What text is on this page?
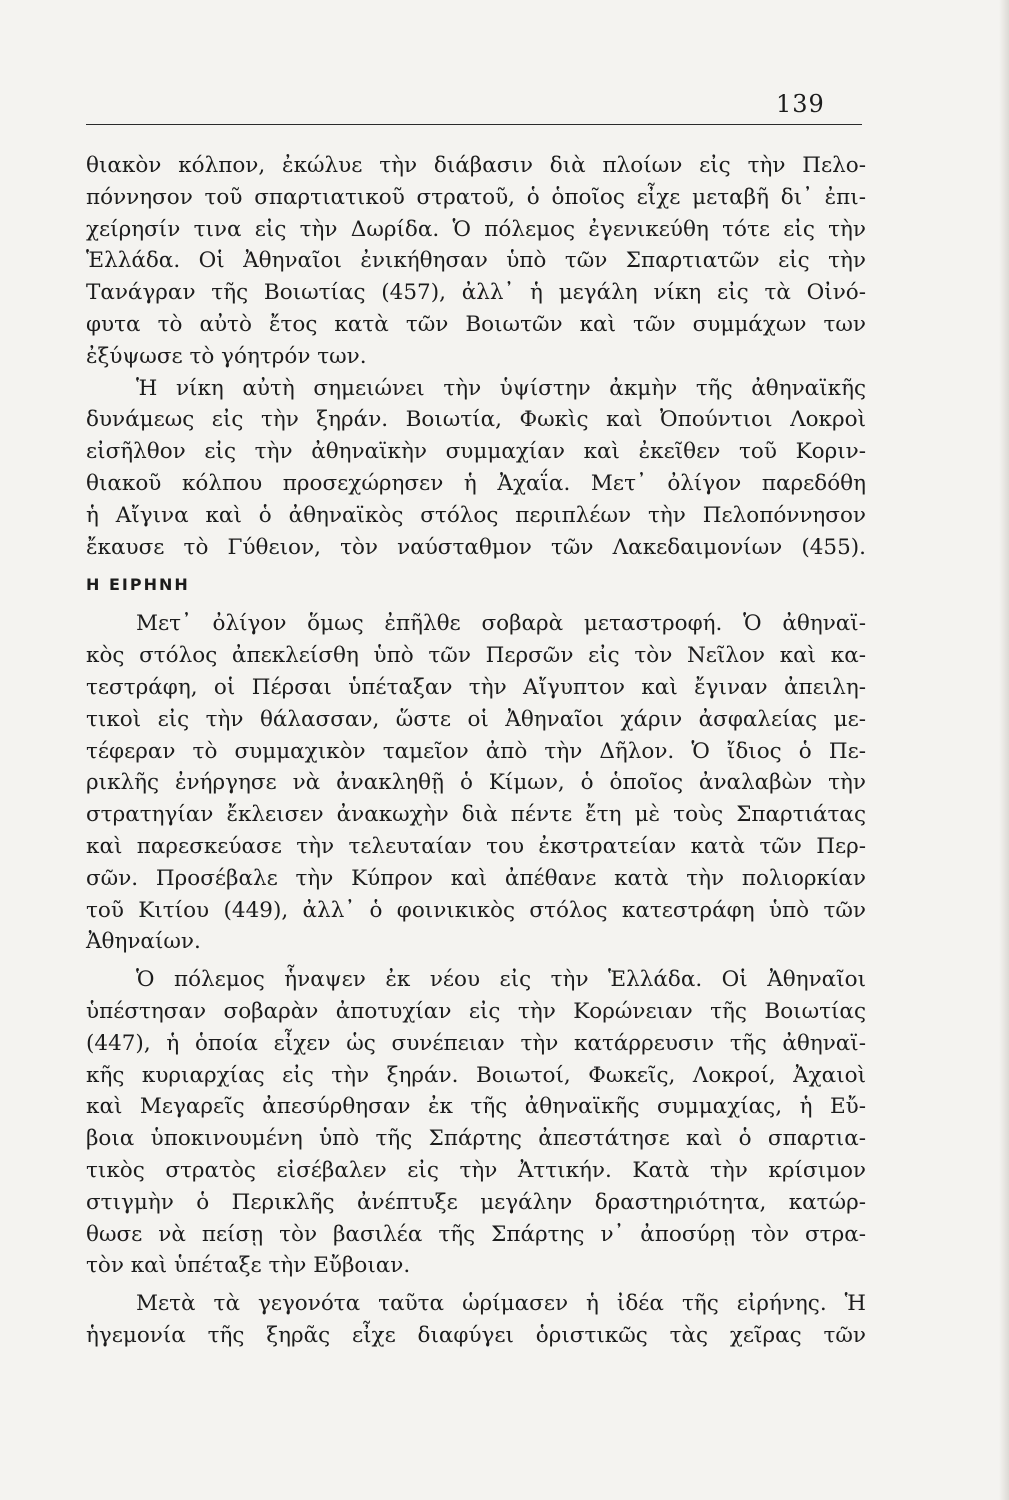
139
θιακὸν κόλπον, ἐκώλυε τὴν διάβασιν διὰ πλοίων εἰς τὴν Πελο-
πόννησον τοῦ σπαρτιατικοῦ στρατοῦ, ὁ ὁποῖος εἶχε μεταβῆ δι᾽ ἐπι-
χείρησίν τινα εἰς τὴν Δωρίδα. Ὁ πόλεμος ἐγενικεύθη τότε εἰς τὴν
Ἑλλάδα. Οἱ Ἀθηναῖοι ἐνικήθησαν ὑπὸ τῶν Σπαρτιατῶν εἰς τὴν
Τανάγραν τῆς Βοιωτίας (457), ἀλλ᾽ ἡ μεγάλη νίκη εἰς τὰ Οἰνό-
φυτα τὸ αὐτὸ ἔτος κατὰ τῶν Βοιωτῶν καὶ τῶν συμμάχων των
ἐξύψωσε τὸ γόητρόν των.
Ἡ νίκη αὐτὴ σημειώνει τὴν ὑψίστην ἀκμὴν τῆς ἀθηναϊκῆς
δυνάμεως εἰς τὴν ξηράν. Βοιωτία, Φωκὶς καὶ Ὀπούντιοι Λοκροὶ
εἰσῆλθον εἰς τὴν ἀθηναϊκὴν συμμαχίαν καὶ ἐκεῖθεν τοῦ Κοριν-
θιακοῦ κόλπου προσεχώρησεν ἡ Ἀχαΐα. Μετ᾽ ὀλίγον παρεδόθη
ἡ Αἴγινα καὶ ὁ ἀθηναϊκὸς στόλος περιπλέων τὴν Πελοπόννησον
ἔκαυσε τὸ Γύθειον, τὸν ναύσταθμον τῶν Λακεδαιμονίων (455).
Η ΕΙΡΗΝΗ
Μετ᾽ ὀλίγον ὅμως ἐπῆλθε σοβαρὰ μεταστροφή. Ὁ ἀθηναϊ-
κὸς στόλος ἀπεκλείσθη ὑπὸ τῶν Περσῶν εἰς τὸν Νεῖλον καὶ κα-
τεστράφη, οἱ Πέρσαι ὑπέταξαν τὴν Αἴγυπτον καὶ ἔγιναν ἀπειλη-
τικοὶ εἰς τὴν θάλασσαν, ὥστε οἱ Ἀθηναῖοι χάριν ἀσφαλείας με-
τέφεραν τὸ συμμαχικὸν ταμεῖον ἀπὸ τὴν Δῆλον. Ὁ ἴδιος ὁ Πε-
ρικλῆς ἐνήργησε νὰ ἀνακληθῇ ὁ Κίμων, ὁ ὁποῖος ἀναλαβὼν τὴν
στρατηγίαν ἔκλεισεν ἀνακωχὴν διὰ πέντε ἔτη μὲ τοὺς Σπαρτιάτας
καὶ παρεσκεύασε τὴν τελευταίαν του ἐκστρατείαν κατὰ τῶν Περ-
σῶν. Προσέβαλε τὴν Κύπρον καὶ ἀπέθανε κατὰ τὴν πολιορκίαν
τοῦ Κιτίου (449), ἀλλ᾽ ὁ φοινικικὸς στόλος κατεστράφη ὑπὸ τῶν
Ἀθηναίων.
Ὁ πόλεμος ἧναψεν ἐκ νέου εἰς τὴν Ἑλλάδα. Οἱ Ἀθηναῖοι
ὑπέστησαν σοβαρὰν ἀποτυχίαν εἰς τὴν Κορώνειαν τῆς Βοιωτίας
(447), ἡ ὁποία εἶχεν ὡς συνέπειαν τὴν κατάρρευσιν τῆς ἀθηναϊ-
κῆς κυριαρχίας εἰς τὴν ξηράν. Βοιωτοί, Φωκεῖς, Λοκροί, Ἀχαιοὶ
καὶ Μεγαρεῖς ἀπεσύρθησαν ἐκ τῆς ἀθηναϊκῆς συμμαχίας, ἡ Εὔ-
βοια ὑποκινουμένη ὑπὸ τῆς Σπάρτης ἀπεστάτησε καὶ ὁ σπαρτια-
τικὸς στρατὸς εἰσέβαλεν εἰς τὴν Ἀττικήν. Κατὰ τὴν κρίσιμον
στιγμὴν ὁ Περικλῆς ἀνέπτυξε μεγάλην δραστηριότητα, κατώρ-
θωσε νὰ πείσῃ τὸν βασιλέα τῆς Σπάρτης ν᾽ ἀποσύρῃ τὸν στρα-
τὸν καὶ ὑπέταξε τὴν Εὔβοιαν.
Μετὰ τὰ γεγονότα ταῦτα ὡρίμασεν ἡ ἰδέα τῆς εἰρήνης. Ἡ
ἡγεμονία τῆς ξηρᾶς εἶχε διαφύγει ὁριστικῶς τὰς χεῖρας τῶν
